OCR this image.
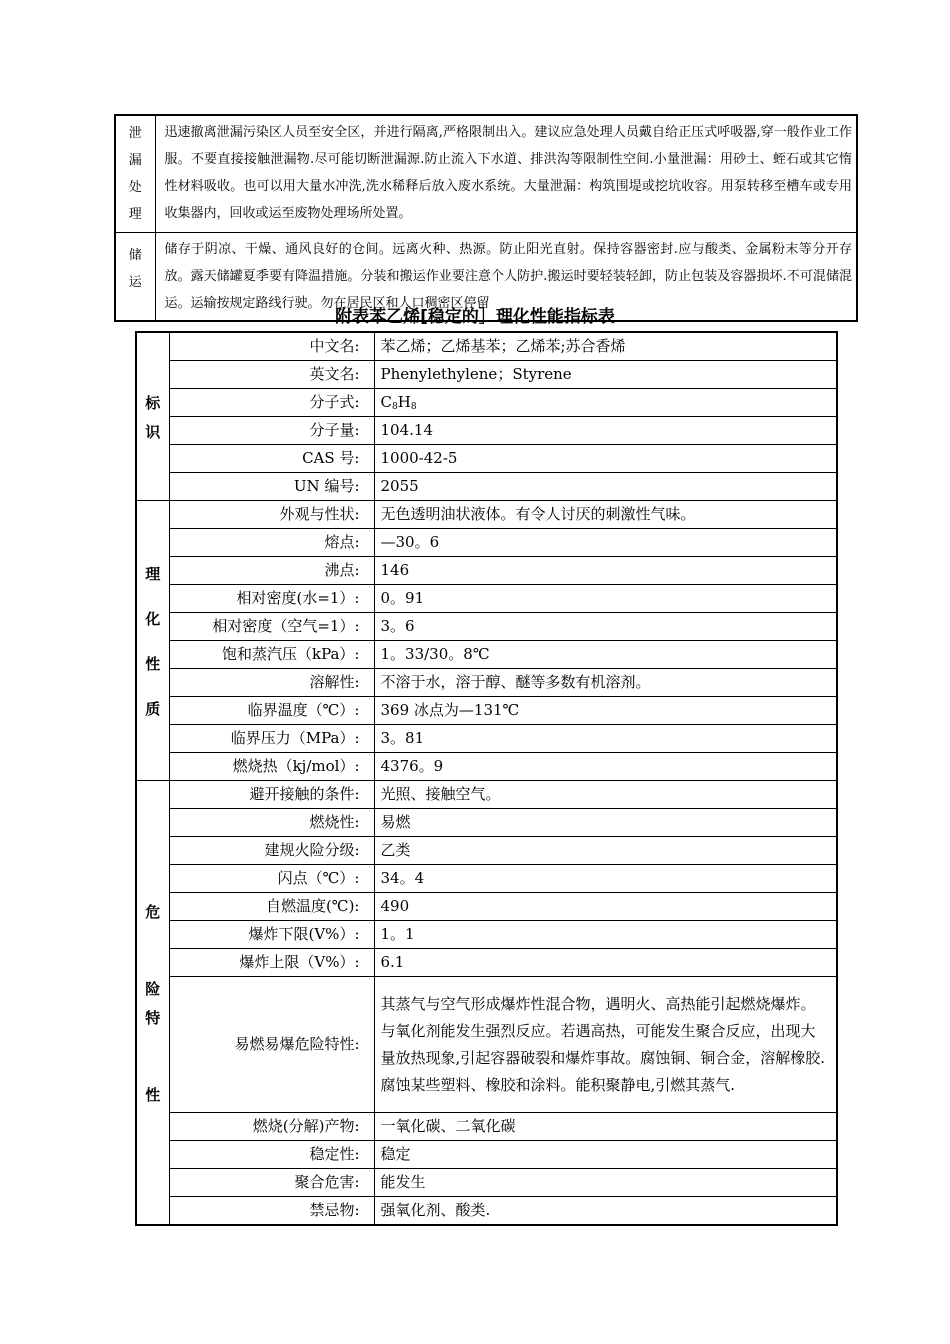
泄
漏
处
理	迅速撤离泄漏污染区人员至安全区，并进行隔离,严格限制出入。建议应急处理人员戴自给正压式呼吸器,穿一般作业工作服。不要直接接触泄漏物.尽可能切断泄漏源.防止流入下水道、排洪沟等限制性空间.小量泄漏：用砂土、蛭石或其它惰性材料吸收。也可以用大量水冲洗,洗水稀释后放入废水系统。大量泄漏：构筑围堤或挖坑收容。用泵转移至槽车或专用收集器内，回收或运至废物处理场所处置。

储
运	储存于阴凉、干燥、通风良好的仓间。远离火种、热源。防止阳光直射。保持容器密封.应与酸类、金属粉末等分开存放。露天储罐夏季要有降温措施。分装和搬运作业要注意个人防护.搬运时要轻装轻卸，防止包装及容器损坏.不可混储混运。运输按规定路线行驶。勿在居民区和人口稠密区停留
附表苯乙烯[稳定的］理化性能指标表
标
识	中文名:	苯乙烯；乙烯基苯；乙烯苯;苏合香烯
	英文名:	Phenylethylene；Styrene
	分子式:	$C_8H_8$
	分子量:	104.14
	CAS 号:	1000-42-5
	UN 编号:	2055

理
化
性
质	外观与性状:	无色透明油状液体。有令人讨厌的刺激性气味。
	熔点:	—30。6
	沸点:	146
	相对密度(水=1）:	0。91
	相对密度（空气=1）:	3。6
	饱和蒸汽压（kPa）:	1。33/30。8℃
	溶解性:	不溶于水，溶于醇、醚等多数有机溶剂。
	临界温度（℃）:	369 冰点为—131℃
	临界压力（MPa）:	3。81
	燃烧热（kj/mol）:	4376。9

危
险
特
性	避开接触的条件:	光照、接触空气。
	燃烧性:	易燃
	建规火险分级:	乙类
	闪点（℃）:	34。4
	自燃温度(℃):	490
	爆炸下限(V%）:	1。1
	爆炸上限（V%）:	6.1
	易燃易爆危险特性:	其蒸气与空气形成爆炸性混合物，遇明火、高热能引起燃烧爆炸。与氧化剂能发生强烈反应。若遇高热，可能发生聚合反应，出现大量放热现象,引起容器破裂和爆炸事故。腐蚀铜、铜合金，溶解橡胶.腐蚀某些塑料、橡胶和涂料。能积聚静电,引燃其蒸气.
	燃烧(分解)产物:	一氧化碳、二氧化碳
	稳定性:	稳定
	聚合危害:	能发生
	禁忌物:	强氧化剂、酸类.
